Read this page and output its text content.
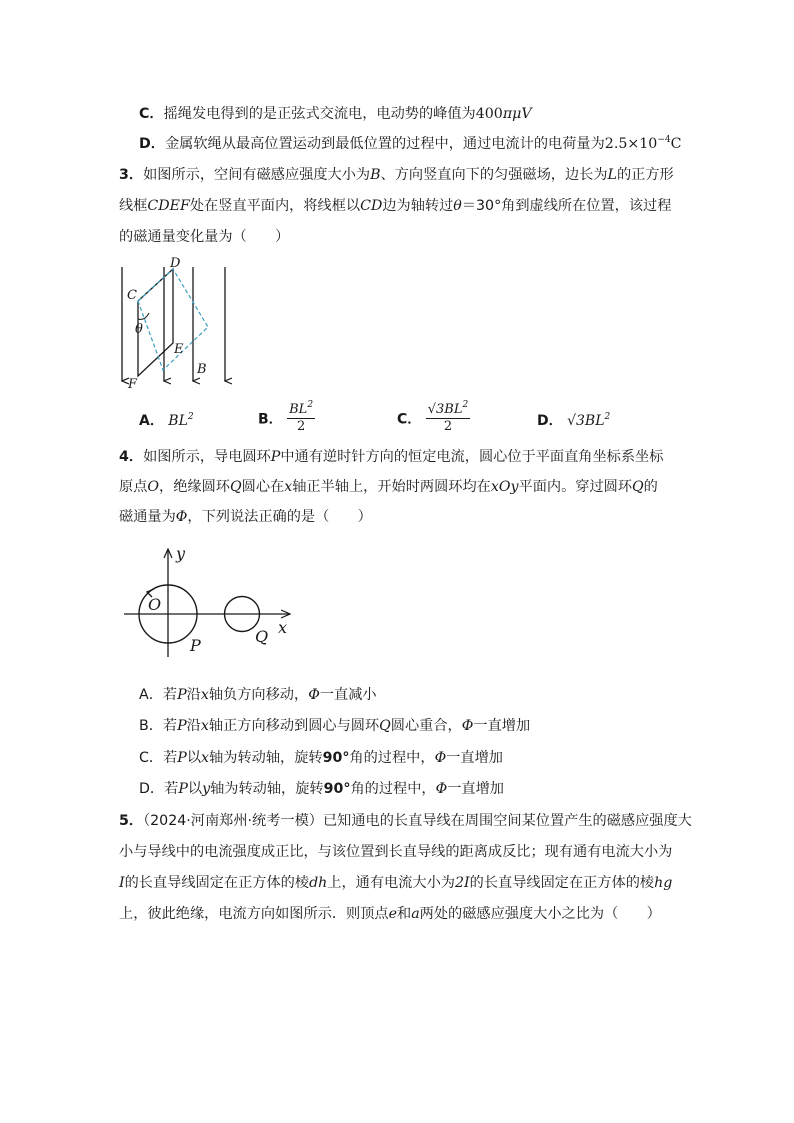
C．摇绳发电得到的是正弦式交流电，电动势的峰值为400πμV
D．金属软绳从最高位置运动到最低位置的过程中，通过电流计的电荷量为$2.5\times 10^{-4}C$
3．如图所示，空间有磁感应强度大小为B、方向竖直向下的匀强磁场，边长为L的正方形
线框CDEF处在竖直平面内，将线框以CD边为轴转过θ＝30°角到虚线所在位置，该过程
的磁通量变化量为（　　）
C
D
θ
E
B
F
A． $BL^2$	B． $\frac{BL^2}{2}$	C． $\frac{√3BL^2}{2}$	D． $√3BL^2$
4．如图所示，导电圆环P中通有逆时针方向的恒定电流，圆心位于平面直角坐标系坐标
原点O，绝缘圆环Q圆心在x轴正半轴上，开始时两圆环均在xOy平面内。穿过圆环Q的
磁通量为Φ，下列说法正确的是（　　）
y
O
P	Q x
A．若P沿x轴负方向移动，Φ一直减小
B．若P沿x轴正方向移动到圆心与圆环Q圆心重合，Φ一直增加
C．若P以x轴为转动轴，旋转90°角的过程中，Φ一直增加
D．若P以y轴为转动轴，旋转90°角的过程中，Φ一直增加
5．（2024·河南郑州·统考一模）已知通电的长直导线在周围空间某位置产生的磁感应强度大
小与导线中的电流强度成正比，与该位置到长直导线的距离成反比；现有通有电流大小为
I的长直导线固定在正方体的棱dh上，通有电流大小为2I的长直导线固定在正方体的棱hg
上，彼此绝缘，电流方向如图所示．则顶点e和a两处的磁感应强度大小之比为（　　）
